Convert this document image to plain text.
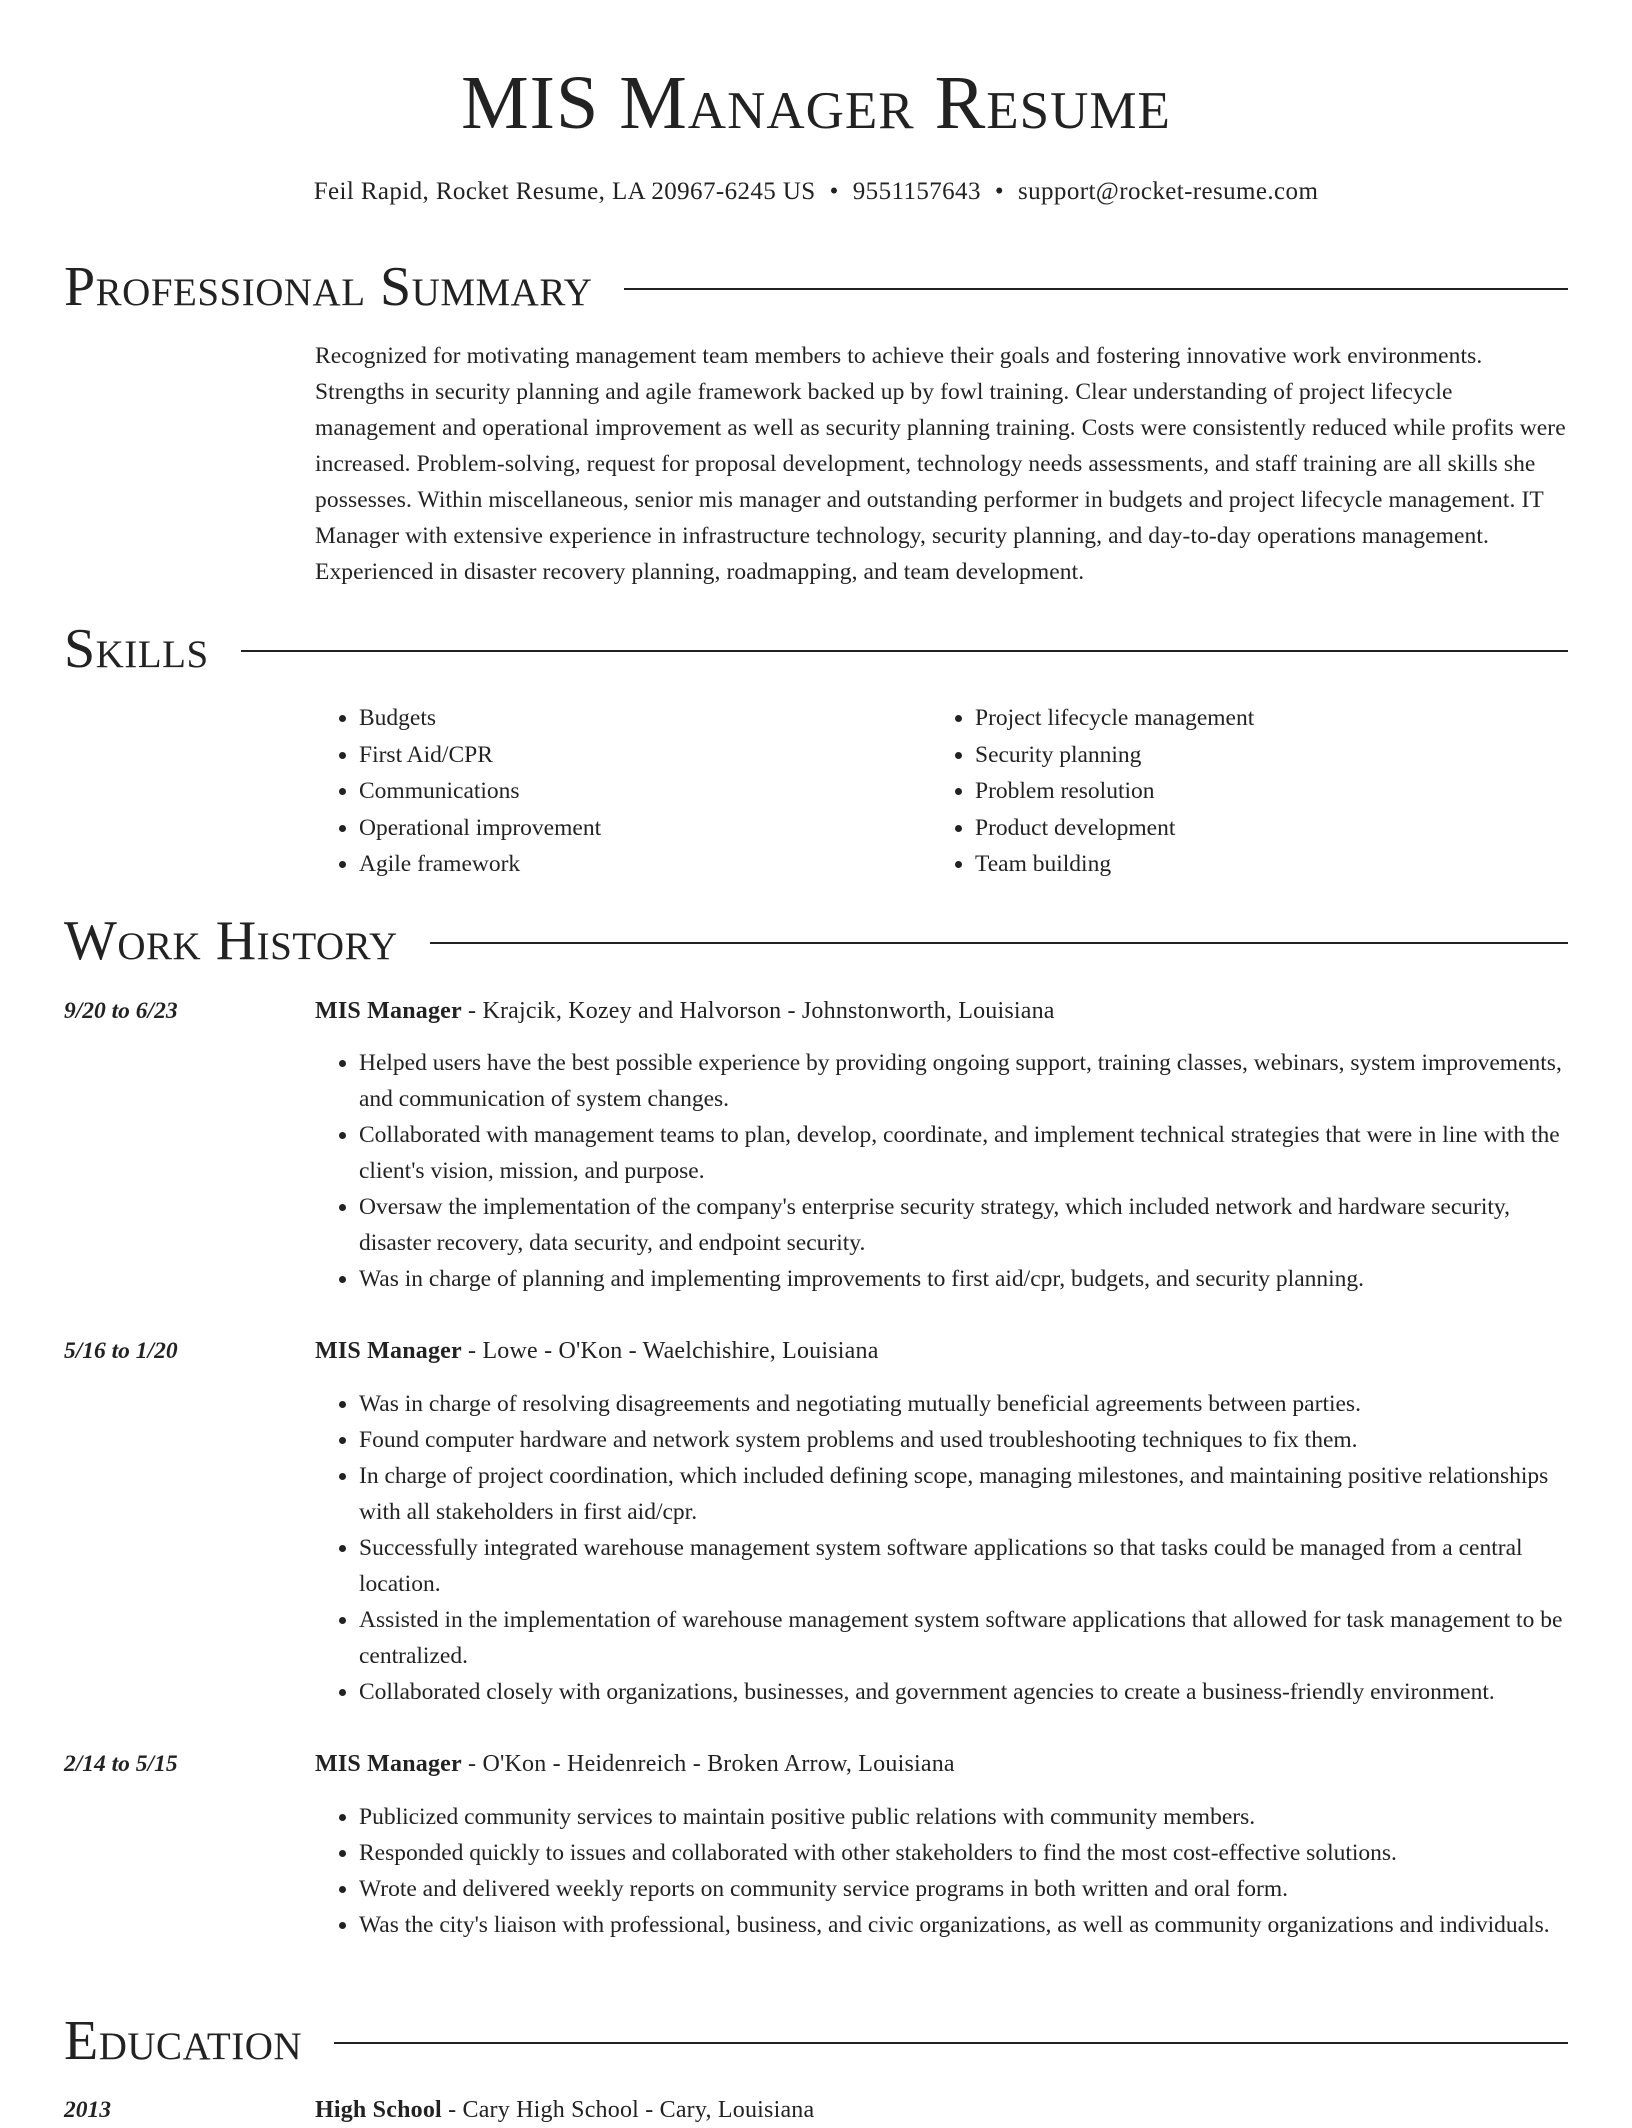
MIS Manager Resume
Feil Rapid, Rocket Resume, LA 20967-6245 US • 9551157643 • support@rocket-resume.com
Professional Summary

Recognized for motivating management team members to achieve their goals and fostering innovative work environments. Strengths in security planning and agile framework backed up by fowl training. Clear understanding of project lifecycle management and operational improvement as well as security planning training. Costs were consistently reduced while profits were increased. Problem-solving, request for proposal development, technology needs assessments, and staff training are all skills she possesses. Within miscellaneous, senior mis manager and outstanding performer in budgets and project lifecycle management. IT Manager with extensive experience in infrastructure technology, security planning, and day-to-day operations management. Experienced in disaster recovery planning, roadmapping, and team development.

Skills
• Budgets
• First Aid/CPR
• Communications
• Operational improvement
• Agile framework
• Project lifecycle management
• Security planning
• Problem resolution
• Product development
• Team building
Work History
9/20 to 6/23	MIS Manager - Krajcik, Kozey and Halvorson - Johnstonworth, Louisiana
• Helped users have the best possible experience by providing ongoing support, training classes, webinars, system improvements, and communication of system changes.
• Collaborated with management teams to plan, develop, coordinate, and implement technical strategies that were in line with the client's vision, mission, and purpose.
• Oversaw the implementation of the company's enterprise security strategy, which included network and hardware security, disaster recovery, data security, and endpoint security.
• Was in charge of planning and implementing improvements to first aid/cpr, budgets, and security planning.
5/16 to 1/20	MIS Manager - Lowe - O'Kon - Waelchishire, Louisiana
• Was in charge of resolving disagreements and negotiating mutually beneficial agreements between parties.
• Found computer hardware and network system problems and used troubleshooting techniques to fix them.
• In charge of project coordination, which included defining scope, managing milestones, and maintaining positive relationships with all stakeholders in first aid/cpr.
• Successfully integrated warehouse management system software applications so that tasks could be managed from a central location.
• Assisted in the implementation of warehouse management system software applications that allowed for task management to be centralized.
• Collaborated closely with organizations, businesses, and government agencies to create a business-friendly environment.
2/14 to 5/15	MIS Manager - O'Kon - Heidenreich - Broken Arrow, Louisiana
• Publicized community services to maintain positive public relations with community members.
• Responded quickly to issues and collaborated with other stakeholders to find the most cost-effective solutions.
• Wrote and delivered weekly reports on community service programs in both written and oral form.
• Was the city's liaison with professional, business, and civic organizations, as well as community organizations and individuals.
Education
2013	High School - Cary High School - Cary, Louisiana
